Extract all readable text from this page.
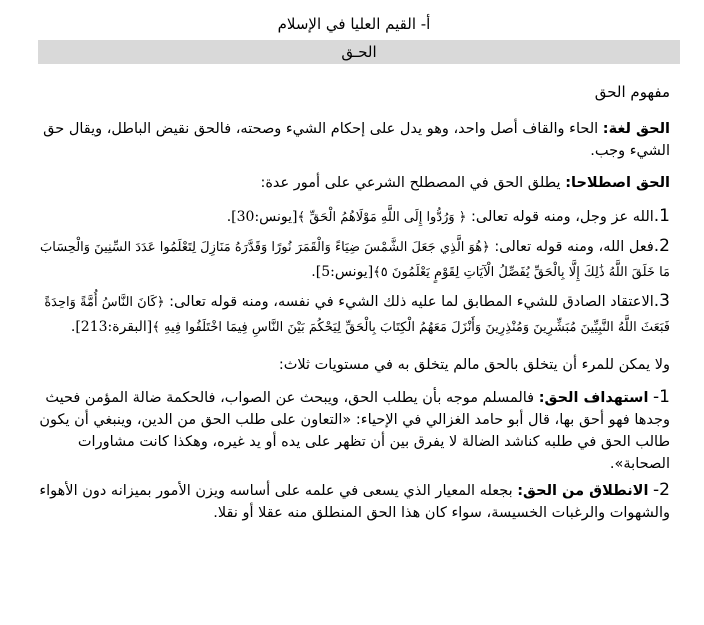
أ- القيم العليا في الإسلام
الحـق
مفهوم الحق

الحق لغة: الحاء والقاف أصل واحد، وهو يدل على إحكام الشيء وصحته، فالحق نقيض الباطل، ويقال حق الشيء وجب.

الحق اصطلاحا: يطلق الحق في المصطلح الشرعي على أمور عدة:

1.الله عز وجل، ومنه قوله تعالى: ﴿ وَرُدُّوا إِلَى اللَّهِ مَوْلَاهُمُ الْحَقِّ ﴾[يونس:30].
2.فعل الله، ومنه قوله تعالى: ﴿هُوَ الَّذِي جَعَلَ الشَّمْسَ ضِيَاءً وَالْقَمَرَ نُورًا وَقَدَّرَهُ مَنَازِلَ لِتَعْلَمُوا عَدَدَ السِّنِينَ وَالْحِسَابَ مَا خَلَقَ اللَّهُ ذَٰلِكَ إِلَّا بِالْحَقِّ يُفَصِّلُ الْآيَاتِ لِقَوْمٍ يَعْلَمُونَ ٥﴾[يونس:5].
3.الاعتقاد الصادق للشيء المطابق لما عليه ذلك الشيء في نفسه، ومنه قوله تعالى: ﴿كَانَ النَّاسُ أُمَّةً وَاحِدَةً فَبَعَثَ اللَّهُ النَّبِيِّينَ مُبَشِّرِينَ وَمُنْذِرِينَ وَأَنْزَلَ مَعَهُمُ الْكِتَابَ بِالْحَقِّ لِيَحْكُمَ بَيْنَ النَّاسِ فِيمَا اخْتَلَفُوا فِيهِ ﴾[البقرة:213].

ولا يمكن للمرء أن يتخلق بالحق مالم يتخلق به في مستويات ثلاث:

1- استهداف الحق: فالمسلم موجه بأن يطلب الحق، ويبحث عن الصواب، فالحكمة ضالة المؤمن فحيث وجدها فهو أحق بها، قال أبو حامد الغزالي في الإحياء: «التعاون على طلب الحق من الدين، وينبغي أن يكون طالب الحق في طلبه كناشد الضالة لا يفرق بين أن تظهر على يده أو يد غيره، وهكذا كانت مشاورات الصحابة».

2- الانطلاق من الحق: بجعله المعيار الذي يسعى في علمه على أساسه ويزن الأمور بميزانه دون الأهواء والشهوات والرغبات الخسيسة، سواء كان هذا الحق المنطلق منه عقلا أو نقلا.
